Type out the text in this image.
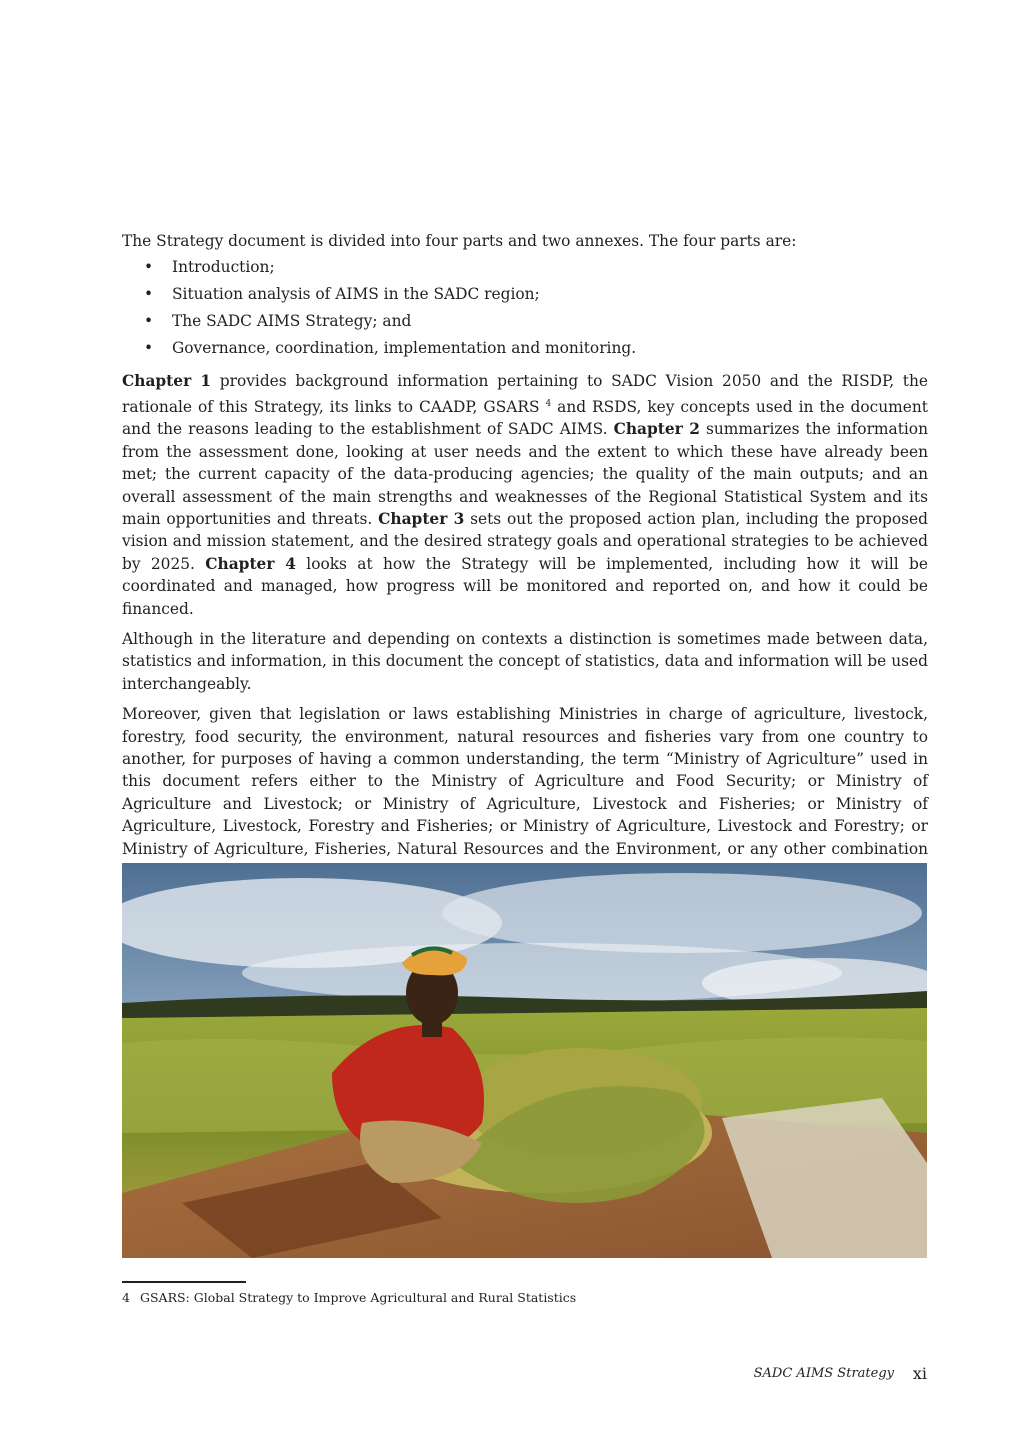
The Strategy document is divided into four parts and two annexes. The four parts are:

• Introduction;
• Situation analysis of AIMS in the SADC region;
• The SADC AIMS Strategy; and
• Governance, coordination, implementation and monitoring.

Chapter 1 provides background information pertaining to SADC Vision 2050 and the RISDP, the rationale of this Strategy, its links to CAADP, GSARS $^4$ and RSDS, key concepts used in the document and the reasons leading to the establishment of SADC AIMS. Chapter 2 summarizes the information from the assessment done, looking at user needs and the extent to which these have already been met; the current capacity of the data-producing agencies; the quality of the main outputs; and an overall assessment of the main strengths and weaknesses of the Regional Statistical System and its main opportunities and threats. Chapter 3 sets out the proposed action plan, including the proposed vision and mission statement, and the desired strategy goals and operational strategies to be achieved by 2025. Chapter 4 looks at how the Strategy will be implemented, including how it will be coordinated and managed, how progress will be monitored and reported on, and how it could be financed.

Although in the literature and depending on contexts a distinction is sometimes made between data, statistics and information, in this document the concept of statistics, data and information will be used interchangeably.

Moreover, given that legislation or laws establishing Ministries in charge of agriculture, livestock, forestry, food security, the environment, natural resources and fisheries vary from one country to another, for purposes of having a common understanding, the term “Ministry of Agriculture” used in this document refers either to the Ministry of Agriculture and Food Security; or Ministry of Agriculture and Livestock; or Ministry of Agriculture, Livestock and Fisheries; or Ministry of Agriculture, Livestock, Forestry and Fisheries; or Ministry of Agriculture, Livestock and Forestry; or Ministry of Agriculture, Fisheries, Natural Resources and the Environment, or any other combination

© FAO/Alberto Conti
4 GSARS: Global Strategy to Improve Agricultural and Rural Statistics
SADC AIMS Strategy xi
